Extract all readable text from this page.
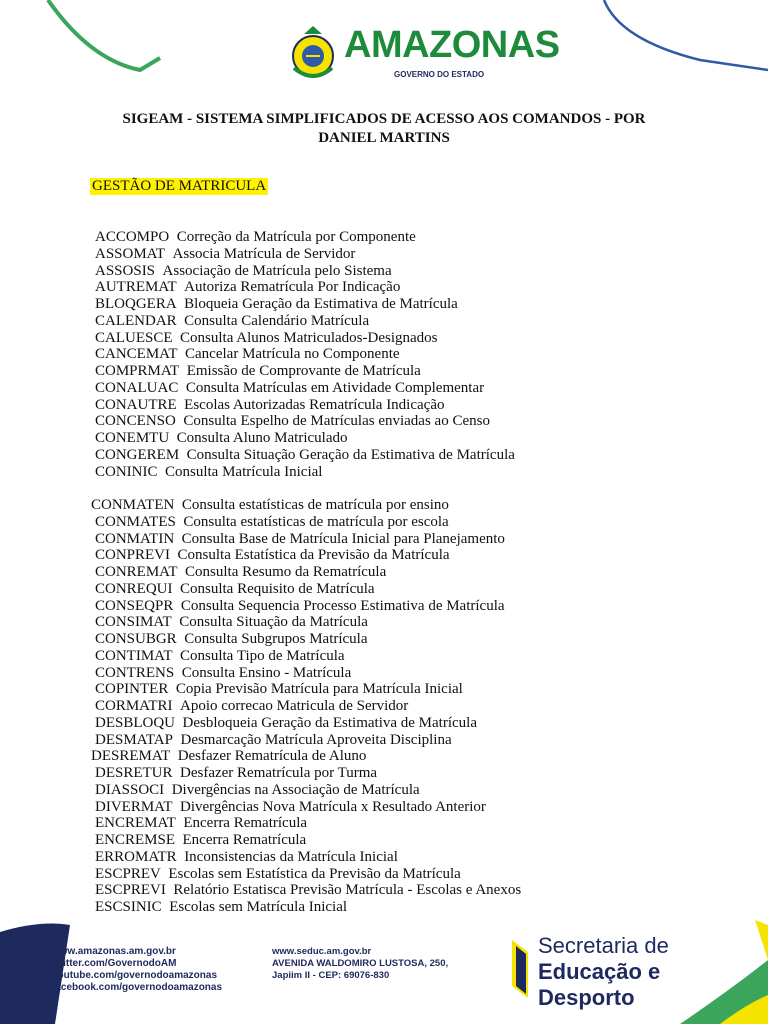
AMAZONAS
GOVERNO DO ESTADO
SIGEAM - SISTEMA SIMPLIFICADOS DE ACESSO AOS COMANDOS - POR
DANIEL MARTINS
GESTÃO DE MATRICULA
ACCOMPO  Correção da Matrícula por Componente
ASSOMAT  Associa Matrícula de Servidor
ASSOSIS  Associação de Matrícula pelo Sistema
AUTREMAT  Autoriza Rematrícula Por Indicação
BLOQGERA  Bloqueia Geração da Estimativa de Matrícula
CALENDAR  Consulta Calendário Matrícula
CALUESCE  Consulta Alunos Matriculados-Designados
CANCEMAT  Cancelar Matrícula no Componente
COMPRMAT  Emissão de Comprovante de Matrícula
CONALUAC  Consulta Matrículas em Atividade Complementar
CONAUTRE  Escolas Autorizadas Rematrícula Indicação
CONCENSO  Consulta Espelho de Matrículas enviadas ao Censo
CONEMTU  Consulta Aluno Matriculado
CONGEREM  Consulta Situação Geração da Estimativa de Matrícula
CONINIC  Consulta Matrícula Inicial
CONMATEN  Consulta estatísticas de matrícula por ensino
CONMATES  Consulta estatísticas de matrícula por escola
CONMATIN  Consulta Base de Matrícula Inicial para Planejamento
CONPREVI  Consulta Estatística da Previsão da Matrícula
CONREMAT  Consulta Resumo da Rematrícula
CONREQUI  Consulta Requisito de Matrícula
CONSEQPR  Consulta Sequencia Processo Estimativa de Matrícula
CONSIMAT  Consulta Situação da Matrícula
CONSUBGR  Consulta Subgrupos Matrícula
CONTIMAT  Consulta Tipo de Matrícula
CONTRENS  Consulta Ensino - Matrícula
COPINTER  Copia Previsão Matrícula para Matrícula Inicial
CORMATRI  Apoio correcao Matricula de Servidor
DESBLOQU  Desbloqueia Geração da Estimativa de Matrícula
DESMATAP  Desmarcação Matrícula Aproveita Disciplina
DESREMAT  Desfazer Rematrícula de Aluno
DESRETUR  Desfazer Rematrícula por Turma
DIASSOCI  Divergências na Associação de Matrícula
DIVERMAT  Divergências Nova Matrícula x Resultado Anterior
ENCREMAT  Encerra Rematrícula
ENCREMSE  Encerra Rematrícula
ERROMATR  Inconsistencias da Matrícula Inicial
ESCPREV  Escolas sem Estatística da Previsão da Matrícula
ESCPREVI  Relatório Estatisca Previsão Matrícula - Escolas e Anexos
ESCSINIC  Escolas sem Matrícula Inicial
www.amazonas.am.gov.br
twitter.com/GovernodoAM
youtube.com/governodoamazonas
facebook.com/governodoamazonas
www.seduc.am.gov.br
AVENIDA WALDOMIRO LUSTOSA, 250,
Japiim II - CEP: 69076-830
Secretaria de
Educação e
Desporto
